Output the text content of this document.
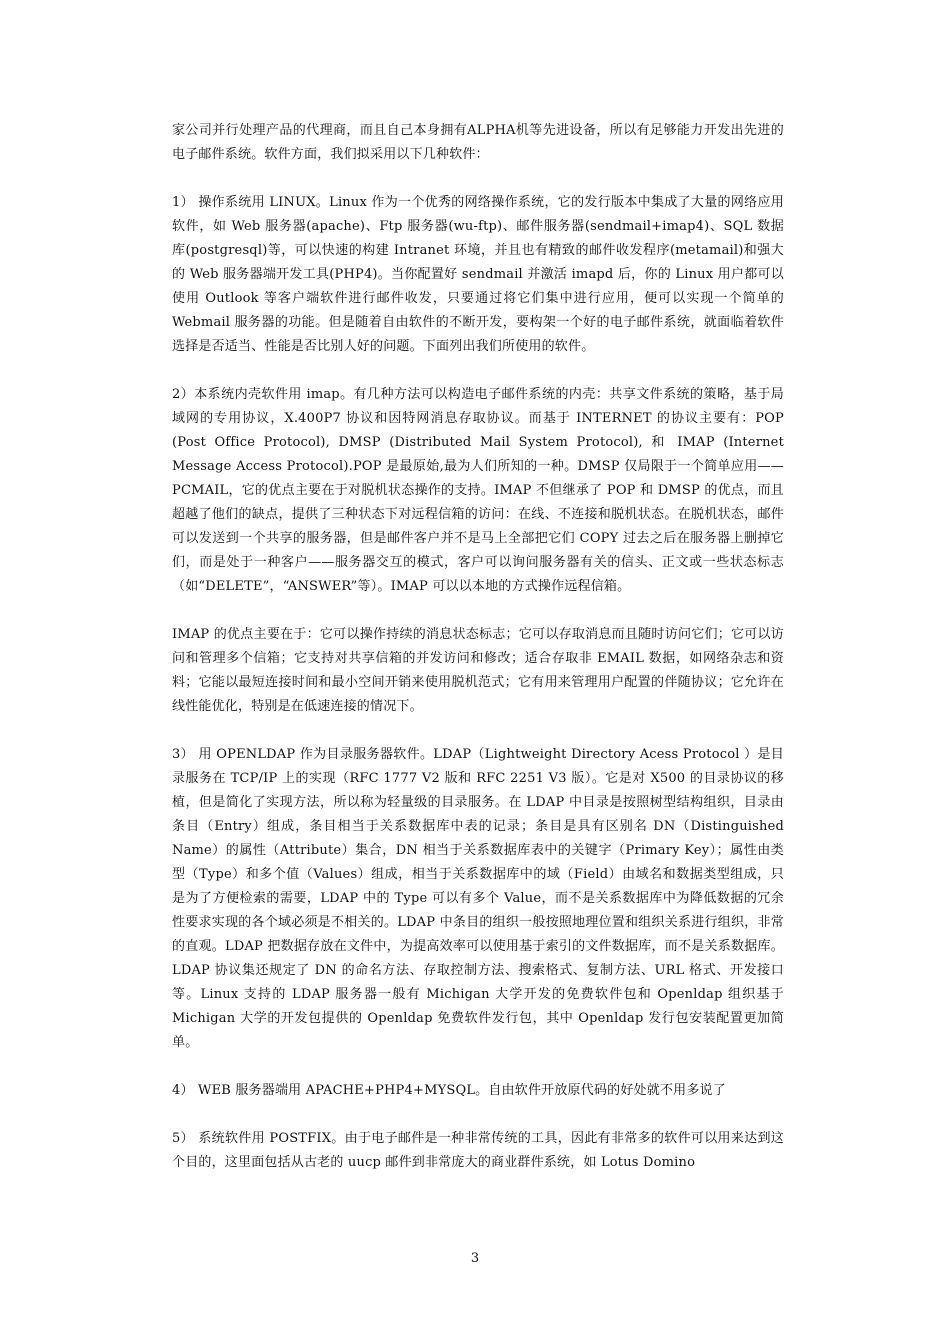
家公司并行处理产品的代理商，而且自己本身拥有ALPHA机等先进设备，所以有足够能力开发出先进的电子邮件系统。软件方面，我们拟采用以下几种软件：

1） 操作系统用 LINUX。Linux 作为一个优秀的网络操作系统，它的发行版本中集成了大量的网络应用软件，如 Web 服务器(apache)、Ftp 服务器(wu-ftp)、邮件服务器(sendmail+imap4)、SQL 数据库(postgresql)等，可以快速的构建 Intranet 环境，并且也有精致的邮件收发程序(metamail)和强大的 Web 服务器端开发工具(PHP4)。当你配置好 sendmail 并激活 imapd 后，你的 Linux 用户都可以使用 Outlook 等客户端软件进行邮件收发，只要通过将它们集中进行应用，便可以实现一个简单的 Webmail 服务器的功能。但是随着自由软件的不断开发，要构架一个好的电子邮件系统，就面临着软件选择是否适当、性能是否比别人好的问题。下面列出我们所使用的软件。

2）本系统内壳软件用 imap。有几种方法可以构造电子邮件系统的内壳：共享文件系统的策略，基于局域网的专用协议，X.400P7 协议和因特网消息存取协议。而基于 INTERNET 的协议主要有：POP (Post Office Protocol), DMSP (Distributed Mail System Protocol), 和 IMAP (Internet Message Access Protocol).POP 是最原始,最为人们所知的一种。DMSP 仅局限于一个简单应用——PCMAIL，它的优点主要在于对脱机状态操作的支持。IMAP 不但继承了 POP 和 DMSP 的优点，而且超越了他们的缺点，提供了三种状态下对远程信箱的访问：在线、不连接和脱机状态。在脱机状态，邮件可以发送到一个共享的服务器，但是邮件客户并不是马上全部把它们 COPY 过去之后在服务器上删掉它们，而是处于一种客户——服务器交互的模式，客户可以询问服务器有关的信头、正文或一些状态标志（如“DELETE”，“ANSWER”等）。IMAP 可以以本地的方式操作远程信箱。

IMAP 的优点主要在于：它可以操作持续的消息状态标志；它可以存取消息而且随时访问它们；它可以访问和管理多个信箱；它支持对共享信箱的并发访问和修改；适合存取非 EMAIL 数据，如网络杂志和资料；它能以最短连接时间和最小空间开销来使用脱机范式；它有用来管理用户配置的伴随协议；它允许在线性能优化，特别是在低速连接的情况下。

3） 用 OPENLDAP 作为目录服务器软件。LDAP（Lightweight Directory Acess Protocol ）是目录服务在 TCP/IP 上的实现（RFC 1777 V2 版和 RFC 2251 V3 版）。它是对 X500 的目录协议的移植，但是简化了实现方法，所以称为轻量级的目录服务。在 LDAP 中目录是按照树型结构组织，目录由条目（Entry）组成，条目相当于关系数据库中表的记录；条目是具有区别名 DN（Distinguished Name）的属性（Attribute）集合，DN 相当于关系数据库表中的关键字（Primary Key）；属性由类型（Type）和多个值（Values）组成，相当于关系数据库中的域（Field）由域名和数据类型组成，只是为了方便检索的需要，LDAP 中的 Type 可以有多个 Value，而不是关系数据库中为降低数据的冗余性要求实现的各个域必须是不相关的。LDAP 中条目的组织一般按照地理位置和组织关系进行组织，非常的直观。LDAP 把数据存放在文件中，为提高效率可以使用基于索引的文件数据库，而不是关系数据库。LDAP 协议集还规定了 DN 的命名方法、存取控制方法、搜索格式、复制方法、URL 格式、开发接口等。Linux 支持的 LDAP 服务器一般有 Michigan 大学开发的免费软件包和 Openldap 组织基于 Michigan 大学的开发包提供的 Openldap 免费软件发行包，其中 Openldap 发行包安装配置更加简单。

4） WEB 服务器端用 APACHE+PHP4+MYSQL。自由软件开放原代码的好处就不用多说了

5） 系统软件用 POSTFIX。由于电子邮件是一种非常传统的工具，因此有非常多的软件可以用来达到这个目的，这里面包括从古老的 uucp 邮件到非常庞大的商业群件系统，如 Lotus Domino

3
